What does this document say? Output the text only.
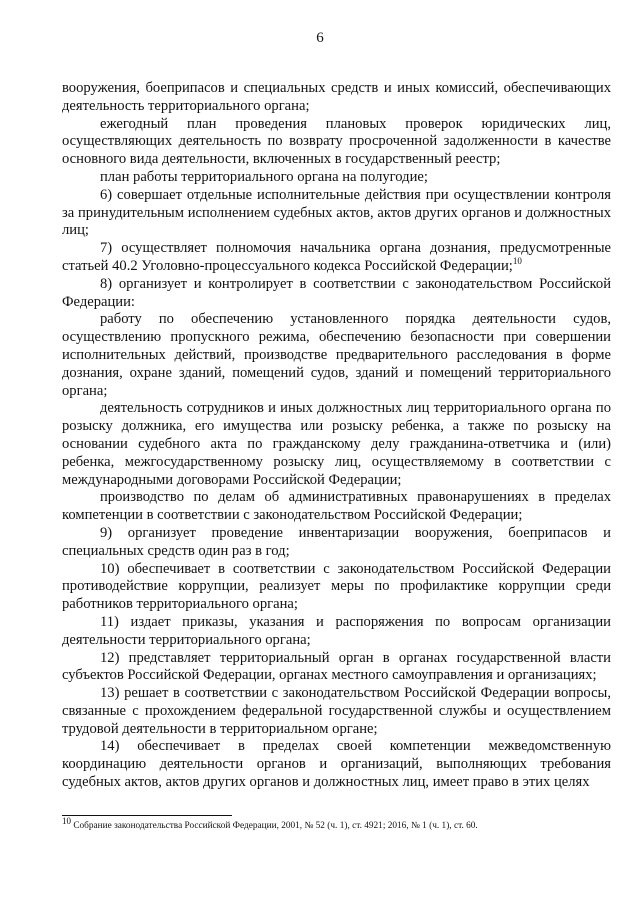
6

вооружения, боеприпасов и специальных средств и иных комиссий, обеспечивающих деятельность территориального органа;

ежегодный план проведения плановых проверок юридических лиц, осуществляющих деятельность по возврату просроченной задолженности в качестве основного вида деятельности, включенных в государственный реестр;

план работы территориального органа на полугодие;

6) совершает отдельные исполнительные действия при осуществлении контроля за принудительным исполнением судебных актов, актов других органов и должностных лиц;

7) осуществляет полномочия начальника органа дознания, предусмотренные статьей 40.2 Уголовно-процессуального кодекса Российской Федерации;$^{10}$

8) организует и контролирует в соответствии с законодательством Российской Федерации:

работу по обеспечению установленного порядка деятельности судов, осуществлению пропускного режима, обеспечению безопасности при совершении исполнительных действий, производстве предварительного расследования в форме дознания, охране зданий, помещений судов, зданий и помещений территориального органа;

деятельность сотрудников и иных должностных лиц территориального органа по розыску должника, его имущества или розыску ребенка, а также по розыску на основании судебного акта по гражданскому делу гражданина-ответчика и (или) ребенка, межгосударственному розыску лиц, осуществляемому в соответствии с международными договорами Российской Федерации;

производство по делам об административных правонарушениях в пределах компетенции в соответствии с законодательством Российской Федерации;

9) организует проведение инвентаризации вооружения, боеприпасов и специальных средств один раз в год;

10) обеспечивает в соответствии с законодательством Российской Федерации противодействие коррупции, реализует меры по профилактике коррупции среди работников территориального органа;

11) издает приказы, указания и распоряжения по вопросам организации деятельности территориального органа;

12) представляет территориальный орган в органах государственной власти субъектов Российской Федерации, органах местного самоуправления и организациях;

13) решает в соответствии с законодательством Российской Федерации вопросы, связанные с прохождением федеральной государственной службы и осуществлением трудовой деятельности в территориальном органе;

14) обеспечивает в пределах своей компетенции межведомственную координацию деятельности органов и организаций, выполняющих требования судебных актов, актов других органов и должностных лиц, имеет право в этих целях

$^{10}$ Собрание законодательства Российской Федерации, 2001, № 52 (ч. 1), ст. 4921; 2016, № 1 (ч. 1), ст. 60.
